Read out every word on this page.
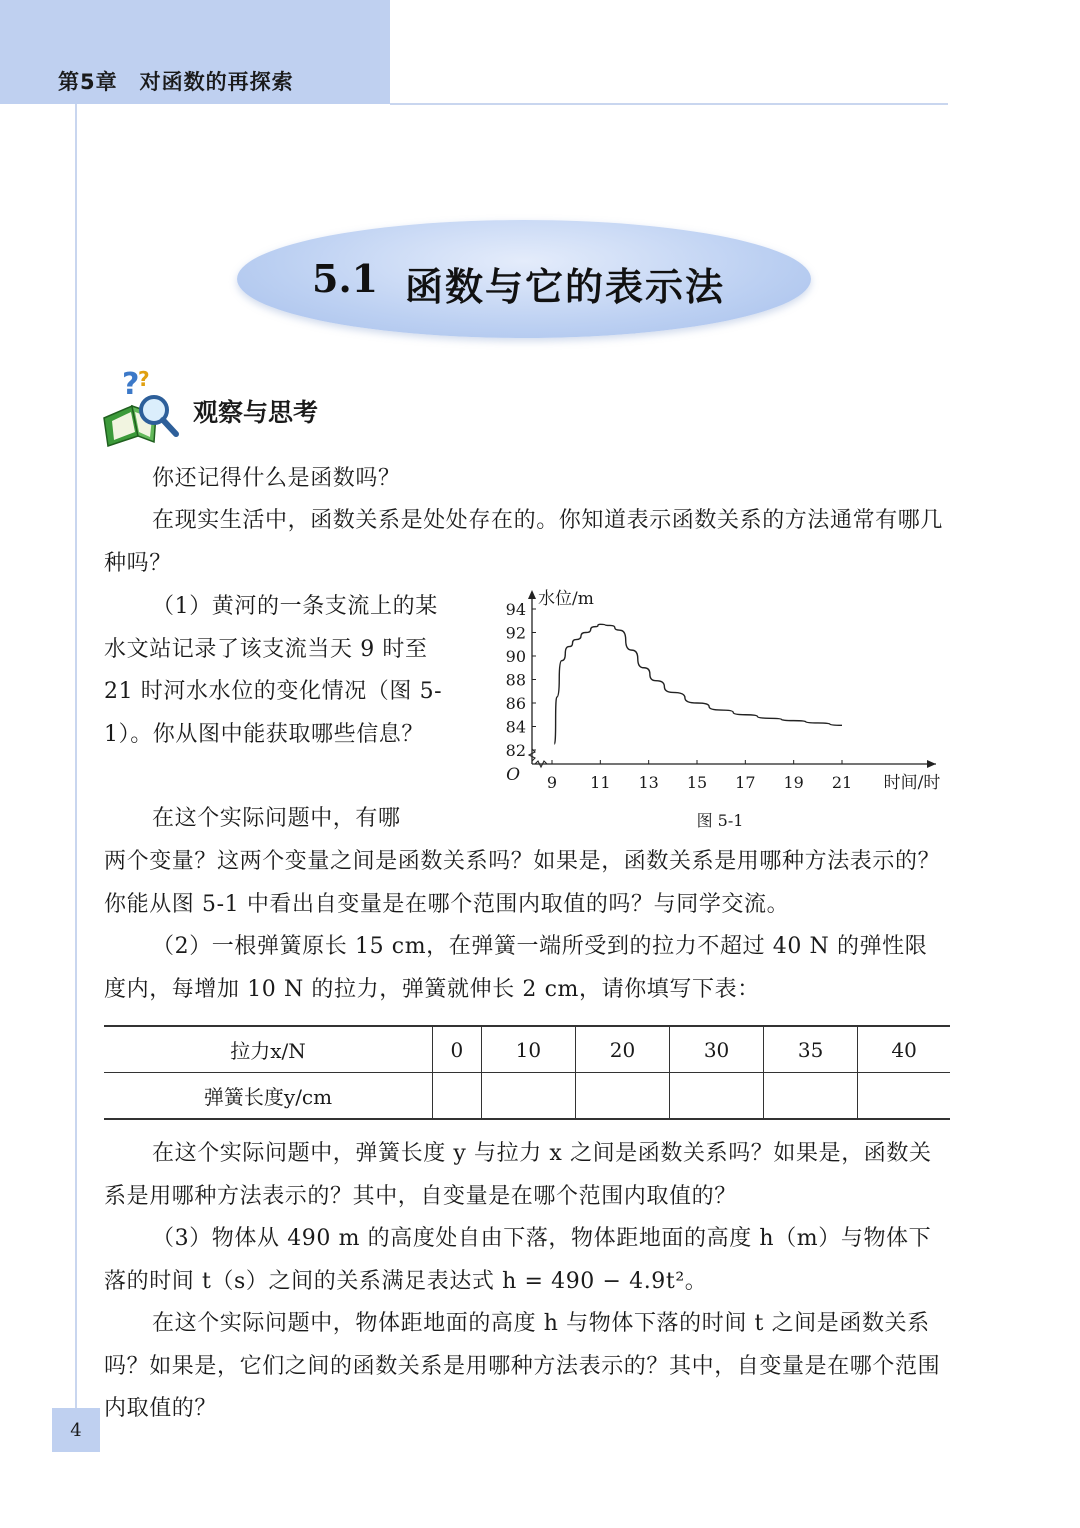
第5章　对函数的再探索
5.1 函数与它的表示法
?
?
观察与思考
你还记得什么是函数吗？
在现实生活中，函数关系是处处存在的。你知道表示函数关系的方法通常有哪几种吗？
（1）黄河的一条支流上的某水文站记录了该支流当天 9 时至 21 时河水水位的变化情况（图 5-1）。你从图中能获取哪些信息？
在这个实际问题中，有哪
两个变量？这两个变量之间是函数关系吗？如果是，函数关系是用哪种方法表示的？你能从图 5-1 中看出自变量是在哪个范围内取值的吗？与同学交流。
（2）一根弹簧原长 15 cm，在弹簧一端所受到的拉力不超过 40 N 的弹性限度内，每增加 10 N 的拉力，弹簧就伸长 2 cm，请你填写下表：
9 11 13 15 17 19 21
82
84
86
88
90
92
94
O
水位/m
时间/时
图 5-1
拉力x/N	0	10	20	30	35	40
弹簧长度y/cm						
在这个实际问题中，弹簧长度 y 与拉力 x 之间是函数关系吗？如果是，函数关系是用哪种方法表示的？其中，自变量是在哪个范围内取值的？
（3）物体从 490 m 的高度处自由下落，物体距地面的高度 h（m）与物体下落的时间 t（s）之间的关系满足表达式 h = 490 − 4.9t²。
在这个实际问题中，物体距地面的高度 h 与物体下落的时间 t 之间是函数关系吗？如果是，它们之间的函数关系是用哪种方法表示的？其中，自变量是在哪个范围内取值的？
4
